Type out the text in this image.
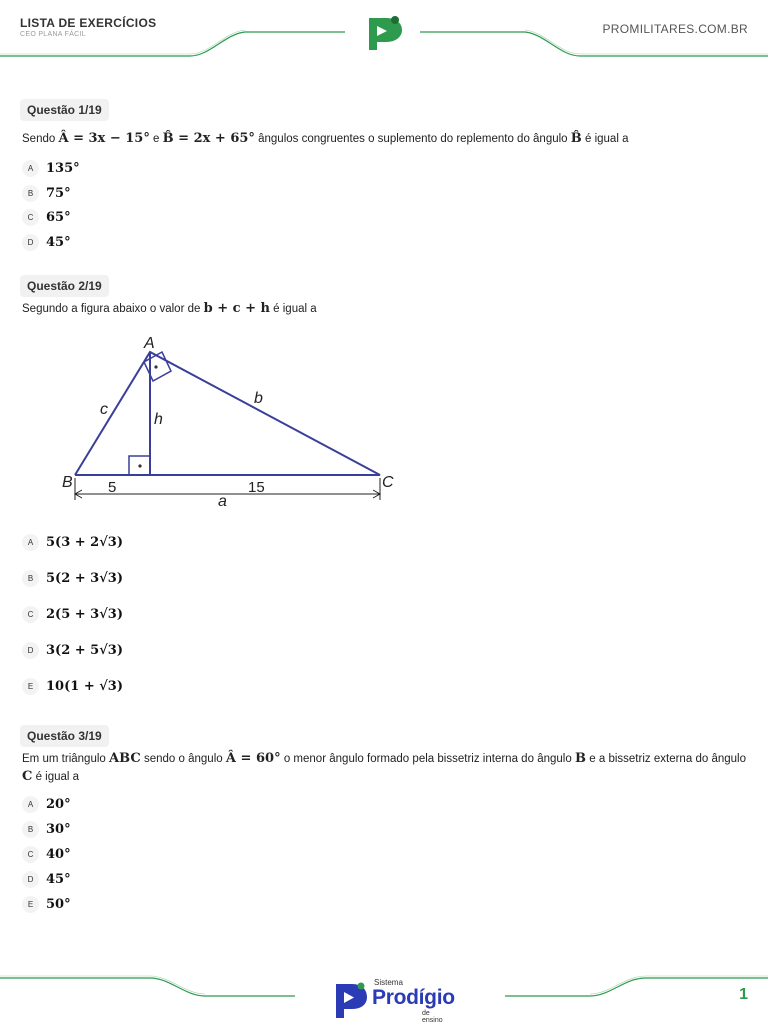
LISTA DE EXERCÍCIOS
CEO PLANA FÁCIL	PROMILITARES.COM.BR
Questão 1/19
Sendo Â = 3x − 15° e B̂ = 2x + 65° ângulos congruentes o suplemento do replemento do ângulo B̂ é igual a
A 135°
B 75°
C 65°
D 45°
Questão 2/19
Segundo a figura abaixo o valor de b + c + h é igual a
A
B	C
c
b
h
a
5	15
A 5(3 + 2√3)
B 5(2 + 3√3)
C 2(5 + 3√3)
D 3(2 + 5√3)
E 10(1 + √3)
Questão 3/19
Em um triângulo ABC sendo o ângulo Â = 60° o menor ângulo formado pela bissetriz interna do ângulo B e a bissetriz externa do ângulo C é igual a
A 20°
B 30°
C 40°
D 45°
E 50°
Sistema
Prodígio
de ensino
1
